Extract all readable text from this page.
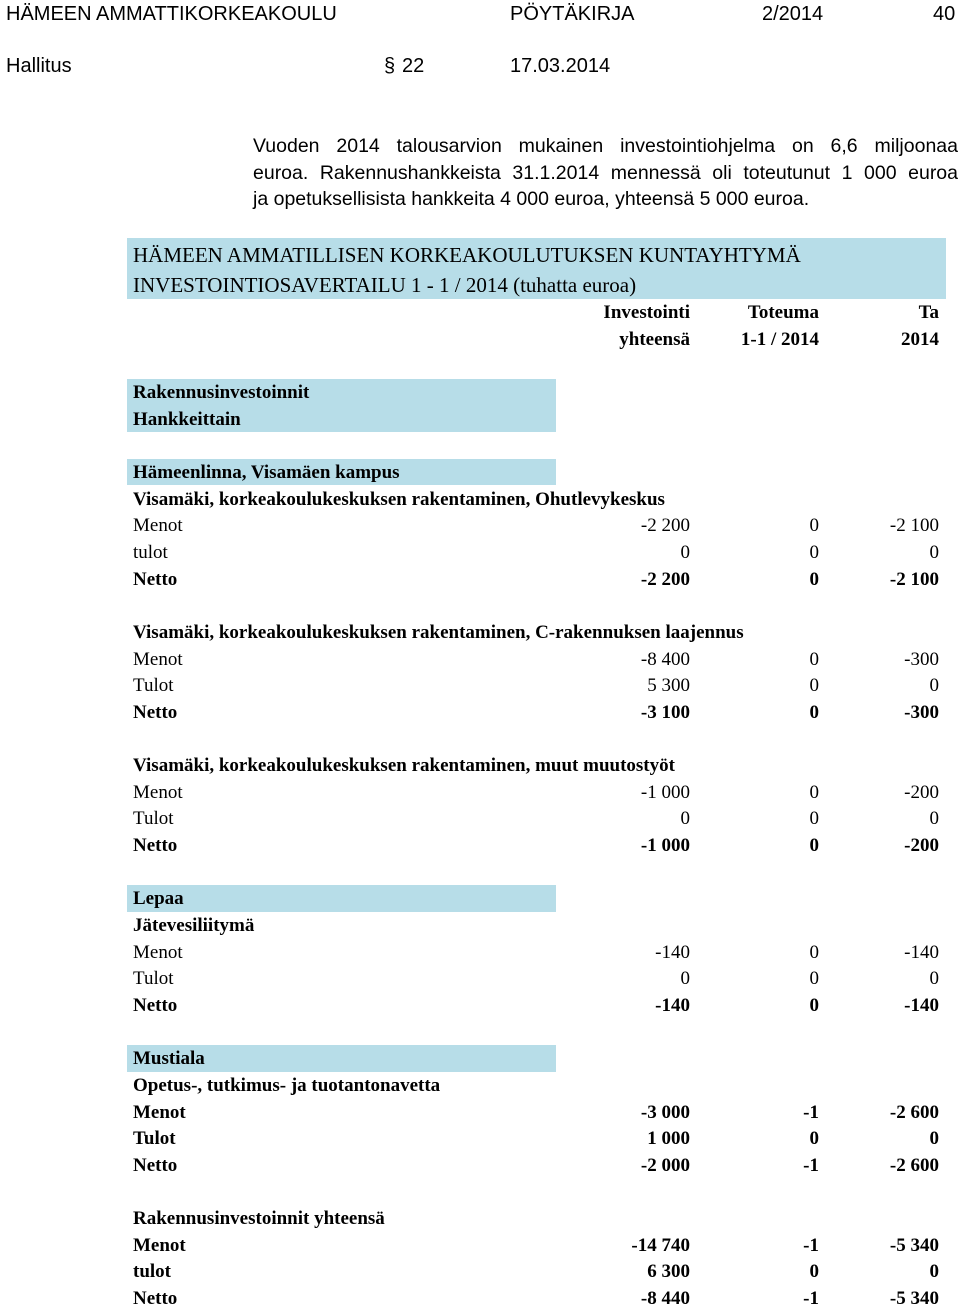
HÄMEEN AMMATTIKORKEAKOULU	PÖYTÄKIRJA	2/2014	40
Hallitus	§ 22	17.03.2014
Vuoden 2014 talousarvion mukainen investointiohjelma on 6,6 miljoonaa
euroa. Rakennushankkeista 31.1.2014 mennessä oli toteutunut 1 000 euroa
ja opetuksellisista hankkeita 4 000 euroa, yhteensä 5 000 euroa.
HÄMEEN AMMATILLISEN KORKEAKOULUTUKSEN KUNTAYHTYMÄ
INVESTOINTIOSAVERTAILU 1 - 1 / 2014 (tuhatta euroa)
Investointi	Toteuma	Ta
yhteensä	1-1 / 2014	2014
Rakennusinvestoinnit
Hankkeittain
Hämeenlinna, Visamäen kampus
Visamäki, korkeakoulukeskuksen rakentaminen, Ohutlevykeskus
Menot	-2 200	0	-2 100
tulot	0	0	0
Netto	-2 200	0	-2 100
Visamäki, korkeakoulukeskuksen rakentaminen, C-rakennuksen laajennus
Menot	-8 400	0	-300
Tulot	5 300	0	0
Netto	-3 100	0	-300
Visamäki, korkeakoulukeskuksen rakentaminen, muut muutostyöt
Menot	-1 000	0	-200
Tulot	0	0	0
Netto	-1 000	0	-200
Lepaa
Jätevesiliitymä
Menot	-140	0	-140
Tulot	0	0	0
Netto	-140	0	-140
Mustiala
Opetus-, tutkimus- ja tuotantonavetta
Menot	-3 000	-1	-2 600
Tulot	1 000	0	0
Netto	-2 000	-1	-2 600
Rakennusinvestoinnit yhteensä
Menot	-14 740	-1	-5 340
tulot	6 300	0	0
Netto	-8 440	-1	-5 340
